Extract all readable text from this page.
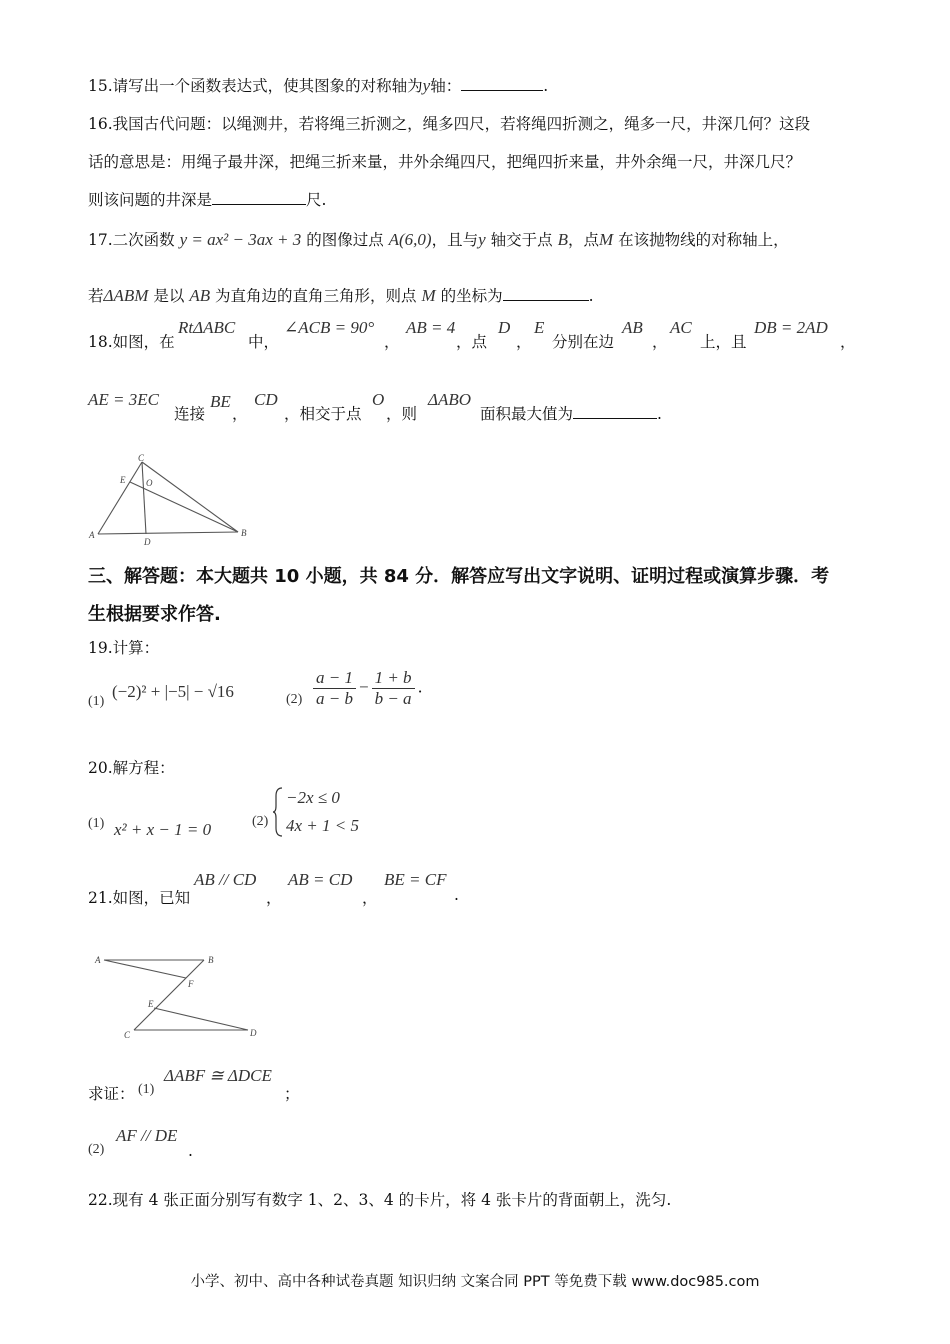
15.请写出一个函数表达式，使其图象的对称轴为y轴：	.
16.我国古代问题：以绳测井，若将绳三折测之，绳多四尺，若将绳四折测之，绳多一尺，井深几何？这段
话的意思是：用绳子最井深，把绳三折来量，井外余绳四尺，把绳四折来量，井外余绳一尺，井深几尺？
则该问题的井深是	尺.
17.二次函数 y = ax² − 3ax + 3 的图像过点 A(6,0)，且与y 轴交于点 B，点M 在该抛物线的对称轴上，
若ΔABM 是以 AB 为直角边的直角三角形，则点 M 的坐标为	.
18.如图，在
RtΔABC
中，
∠ACB = 90°
，
AB = 4
，点
D
，
E
分别在边
AB
，
AC
上，且
DB = 2AD
，
AE = 3EC
连接
BE
，
CD
，相交于点
O
，则
ΔABO
面积最大值为	.
C
E O
A
D
B
三、解答题：本大题共 10 小题，共 84 分．解答应写出文字说明、证明过程或演算步骤．考
生根据要求作答.
19.计算：
(1)
(−2)² + |−5| − √16	$(2) \frac{a - 1}{a - b} - \frac{1 + b}{b - a}$ .
20.解方程：
(1) x² + x − 1 = 0	(2)
−2x ≤ 0
4x + 1 < 5
21.如图，已知
AB // CD
，
AB = CD
，
BE = CF
.
A	B
F
E
C	D
求证： (1)
ΔABF ≅ ΔDCE
；
(2)
AF // DE
.
22.现有 4 张正面分别写有数字 1、2、3、4 的卡片，将 4 张卡片的背面朝上，洗匀.
小学、初中、高中各种试卷真题 知识归纳 文案合同 PPT 等免费下载 www.doc985.com
